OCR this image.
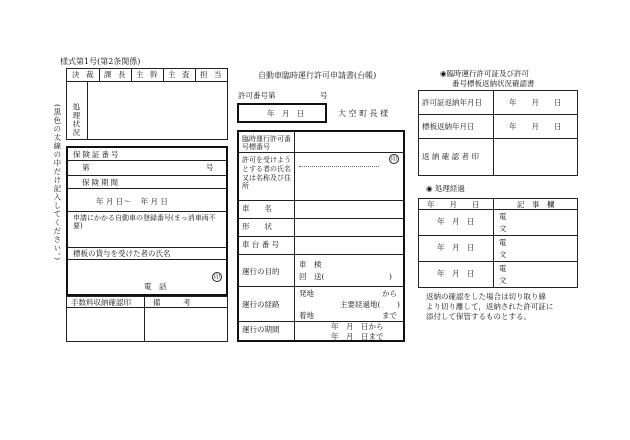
様式第1号(第2条関係)
自動車臨時運行許可申請書(台帳)
(黒色の太線の中だけ記入してください。)
決 裁 課 長 主 幹 主 査 担 当
処理状況
保険証番号
第	号
保険期間
年 月 日〜　 年 月 日
申請にかかる自動車の登録番号(まっ消車両不要)
標板の貸与を受けた者の氏名
印
電　話
手数料収納確認印	備　　　考
許可番号第	号
年　月　日	大 空 町 長 様
臨時運行許可番号標番号
許可を受けようとする者の氏名又は名称及び住所
印
車　　名
形　　状
車 台 番 号
運行の目的
車　検
回　送(	)
運行の経路
発地	から
主要経過地( )
着地	まで
運行の期間	年　月　日から
年　月　日まで
◉臨時運行許可証及び許可
番号標板返納状況確認書
許可証返納年月日	年　　月　　日
標板返納年月日	年　　月　　日
返 納 確 認 者 印
◉ 処理経過
年　　月　　日	記　事　欄
年　月　日
電
文
年　月　日
電
文
年　月　日
電
文
返納の確認をした場合は切り取り線
より切り離して，返納された許可証に
添付して保管するものとする。
